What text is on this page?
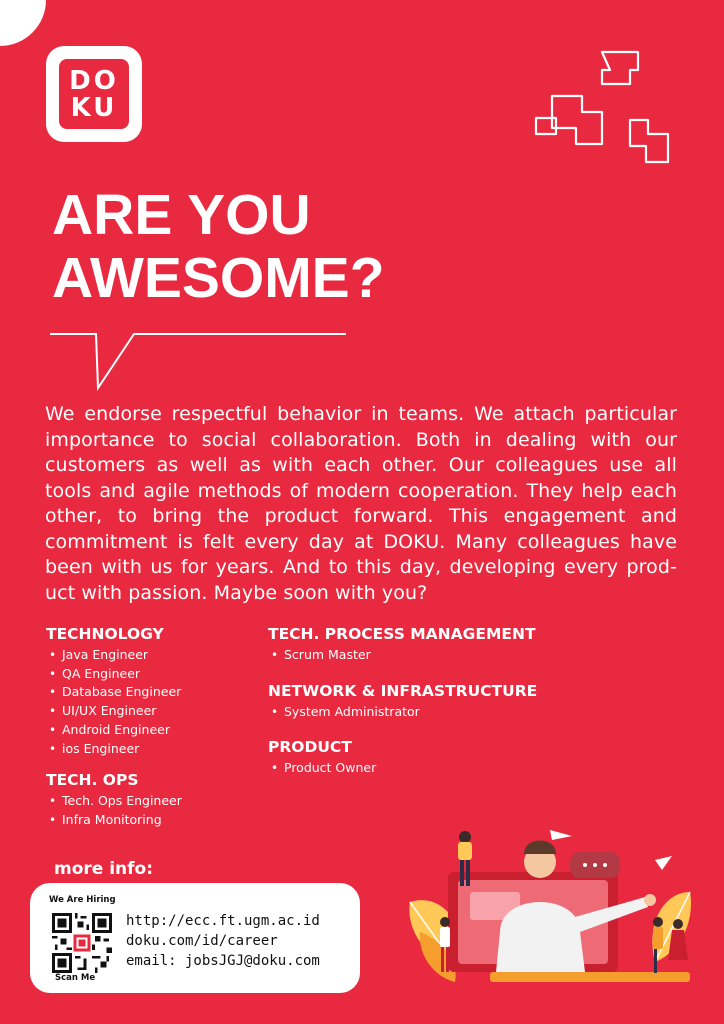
DO
KU
ARE YOU
AWESOME?

We endorse respectful behavior in teams. We attach particular importance to social collaboration. Both in dealing with our customers as well as with each other. Our colleagues use all tools and agile methods of modern cooperation. They help each other, to bring the product forward. This engagement and commitment is felt every day at DOKU. Many colleagues have been with us for years. And to this day, developing every prod-uct with passion. Maybe soon with you?

TECHNOLOGY
• Java Engineer
• QA Engineer
• Database Engineer
• UI/UX Engineer
• Android Engineer
• ios Engineer
TECH. OPS
• Tech. Ops Engineer
• Infra Monitoring
TECH. PROCESS MANAGEMENT
• Scrum Master
NETWORK & INFRASTRUCTURE
• System Administrator
PRODUCT
• Product Owner
more info:
We Are Hiring
Scan Me
http://ecc.ft.ugm.ac.id
doku.com/id/career
email: jobsJGJ@doku.com
